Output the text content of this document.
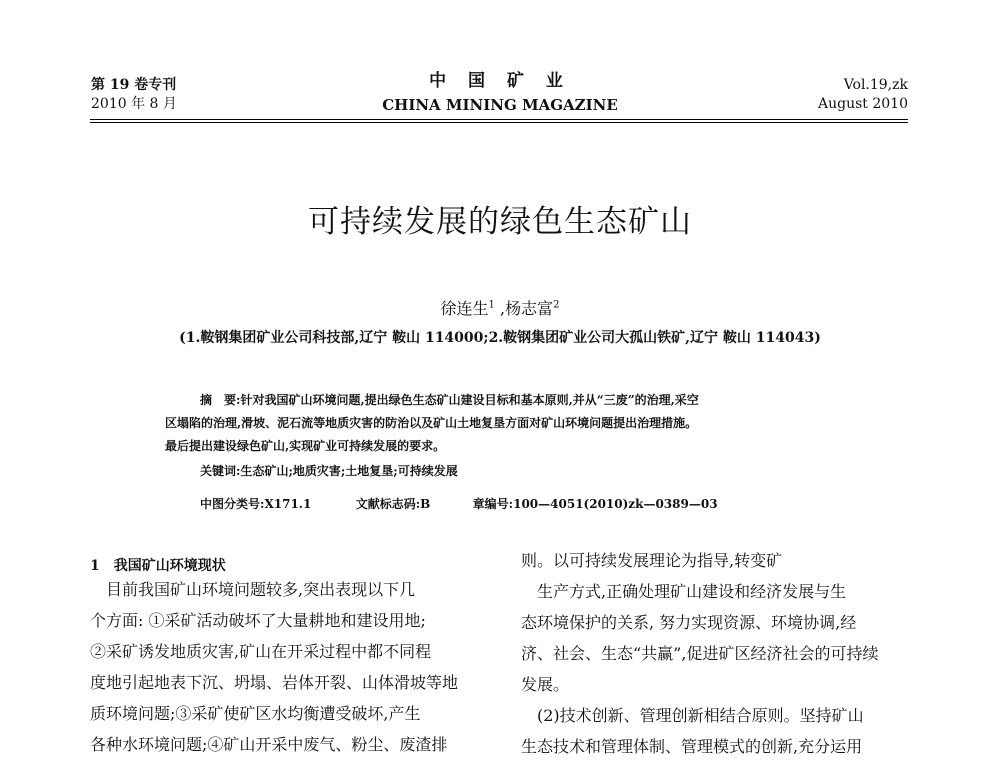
第 19 卷专刊
2010 年 8 月
中 国 矿 业
CHINA MINING MAGAZINE
Vol.19,zk
August 2010
可持续发展的绿色生态矿山
徐连生$^1$ ,杨志富$^2$
(1.鞍钢集团矿业公司科技部,辽宁 鞍山 114000;2.鞍钢集团矿业公司大孤山铁矿,辽宁 鞍山 114043)
摘　要:针对我国矿山环境问题,提出绿色生态矿山建设目标和基本原则,并从“三废”的治理,采空
区塌陷的治理,滑坡、泥石流等地质灾害的防治以及矿山土地复垦方面对矿山环境问题提出治理措施。
最后提出建设绿色矿山,实现矿业可持续发展的要求。
关键词:生态矿山;地质灾害;土地复垦;可持续发展
中图分类号:X171.1	文献标志码:B	章编号:100—4051(2010)zk—0389—03
1　我国矿山环境现状
　目前我国矿山环境问题较多,突出表现以下几
个方面: ①采矿活动破坏了大量耕地和建设用地;
②采矿诱发地质灾害,矿山在开采过程中都不同程
度地引起地表下沉、坍塌、岩体开裂、山体滑坡等地
质环境问题;③采矿使矿区水均衡遭受破坏,产生
各种水环境问题;④矿山开采中废气、粉尘、废渣排
则。以可持续发展理论为指导,转变矿
　生产方式,正确处理矿山建设和经济发展与生
态环境保护的关系, 努力实现资源、环境协调,经
济、社会、生态“共赢”,促进矿区经济社会的可持续
发展。
　(2)技术创新、管理创新相结合原则。坚持矿山
生态技术和管理体制、管理模式的创新,充分运用
